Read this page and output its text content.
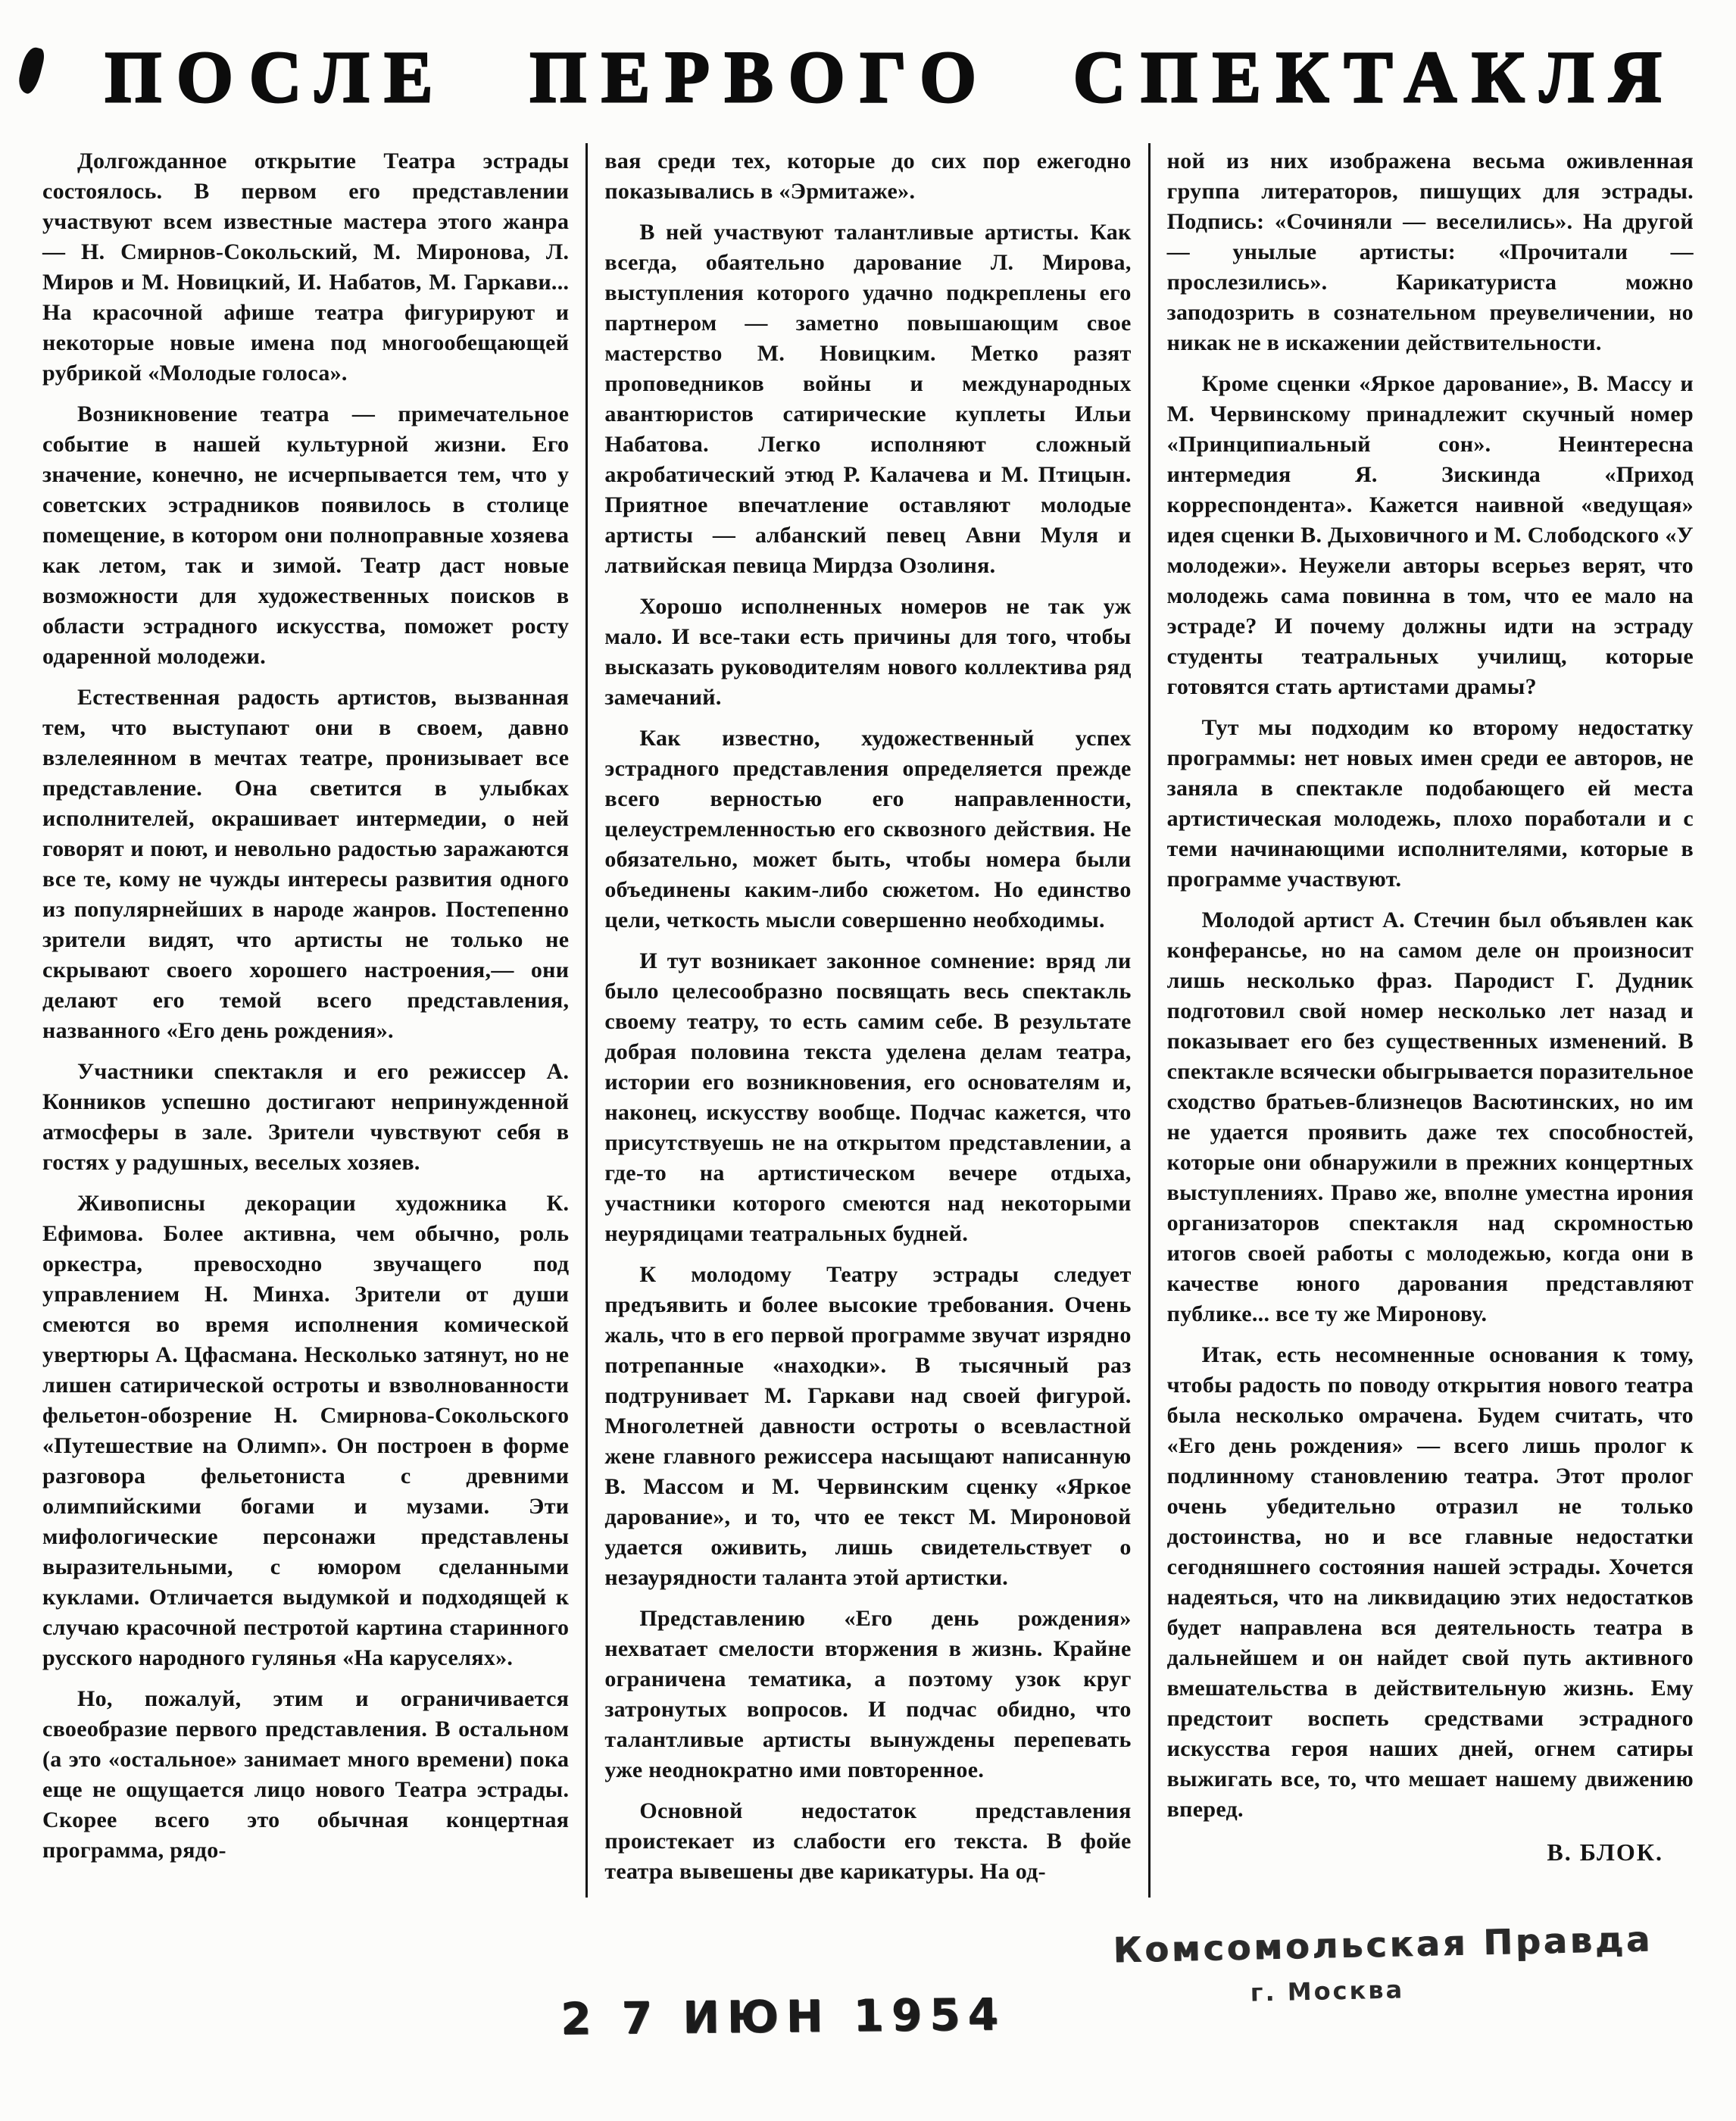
ПОСЛЕ ПЕРВОГО СПЕКТАКЛЯ

Долгожданное открытие Театра эстрады состоялось. В первом его представлении участвуют всем известные мастера этого жанра — Н. Смирнов-Сокольский, М. Миронова, Л. Миров и М. Новицкий, И. Набатов, М. Гаркави... На красочной афише театра фигурируют и некоторые новые имена под многообещающей рубрикой «Молодые голоса».

Возникновение театра — примечательное событие в нашей культурной жизни. Его значение, конечно, не исчерпывается тем, что у советских эстрадников появилось в столице помещение, в котором они полноправные хозяева как летом, так и зимой. Театр даст новые возможности для художественных поисков в области эстрадного искусства, поможет росту одаренной молодежи.

Естественная радость артистов, вызванная тем, что выступают они в своем, давно взлелеянном в мечтах театре, пронизывает все представление. Она светится в улыбках исполнителей, окрашивает интермедии, о ней говорят и поют, и невольно радостью заражаются все те, кому не чужды интересы развития одного из популярнейших в народе жанров. Постепенно зрители видят, что артисты не только не скрывают своего хорошего настроения,— они делают его темой всего представления, названного «Его день рождения».

Участники спектакля и его режиссер А. Конников успешно достигают непринужденной атмосферы в зале. Зрители чувствуют себя в гостях у радушных, веселых хозяев.

Живописны декорации художника К. Ефимова. Более активна, чем обычно, роль оркестра, превосходно звучащего под управлением Н. Минха. Зрители от души смеются во время исполнения комической увертюры А. Цфасмана. Несколько затянут, но не лишен сатирической остроты и взволнованности фельетон-обозрение Н. Смирнова-Сокольского «Путешествие на Олимп». Он построен в форме разговора фельетониста с древними олимпийскими богами и музами. Эти мифологические персонажи представлены выразительными, с юмором сделанными куклами. Отличается выдумкой и подходящей к случаю красочной пестротой картина старинного русского народного гулянья «На каруселях».

Но, пожалуй, этим и ограничивается своеобразие первого представления. В остальном (а это «остальное» занимает много времени) пока еще не ощущается лицо нового Театра эстрады. Скорее всего это обычная концертная программа, рядо-

вая среди тех, которые до сих пор ежегодно показывались в «Эрмитаже».

В ней участвуют талантливые артисты. Как всегда, обаятельно дарование Л. Мирова, выступления которого удачно подкреплены его партнером — заметно повышающим свое мастерство М. Новицким. Метко разят проповедников войны и международных авантюристов сатирические куплеты Ильи Набатова. Легко исполняют сложный акробатический этюд Р. Калачева и М. Птицын. Приятное впечатление оставляют молодые артисты — албанский певец Авни Муля и латвийская певица Мирдза Озолиня.

Хорошо исполненных номеров не так уж мало. И все-таки есть причины для того, чтобы высказать руководителям нового коллектива ряд замечаний.

Как известно, художественный успех эстрадного представления определяется прежде всего верностью его направленности, целеустремленностью его сквозного действия. Не обязательно, может быть, чтобы номера были объединены каким-либо сюжетом. Но единство цели, четкость мысли совершенно необходимы.

И тут возникает законное сомнение: вряд ли было целесообразно посвящать весь спектакль своему театру, то есть самим себе. В результате добрая половина текста уделена делам театра, истории его возникновения, его основателям и, наконец, искусству вообще. Подчас кажется, что присутствуешь не на открытом представлении, а где-то на артистическом вечере отдыха, участники которого смеются над некоторыми неурядицами театральных будней.

К молодому Театру эстрады следует предъявить и более высокие требования. Очень жаль, что в его первой программе звучат изрядно потрепанные «находки». В тысячный раз подтрунивает М. Гаркави над своей фигурой. Многолетней давности остроты о всевластной жене главного режиссера насыщают написанную В. Массом и М. Червинским сценку «Яркое дарование», и то, что ее текст М. Мироновой удается оживить, лишь свидетельствует о незаурядности таланта этой артистки.

Представлению «Его день рождения» нехватает смелости вторжения в жизнь. Крайне ограничена тематика, а поэтому узок круг затронутых вопросов. И подчас обидно, что талантливые артисты вынуждены перепевать уже неоднократно ими повторенное.

Основной недостаток представления проистекает из слабости его текста. В фойе театра вывешены две карикатуры. На од-

ной из них изображена весьма оживленная группа литераторов, пишущих для эстрады. Подпись: «Сочиняли — веселились». На другой — унылые артисты: «Прочитали — прослезились». Карикатуриста можно заподозрить в сознательном преувеличении, но никак не в искажении действительности.

Кроме сценки «Яркое дарование», В. Массу и М. Червинскому принадлежит скучный номер «Принципиальный сон». Неинтересна интермедия Я. Зискинда «Приход корреспондента». Кажется наивной «ведущая» идея сценки В. Дыховичного и М. Слободского «У молодежи». Неужели авторы всерьез верят, что молодежь сама повинна в том, что ее мало на эстраде? И почему должны идти на эстраду студенты театральных училищ, которые готовятся стать артистами драмы?

Тут мы подходим ко второму недостатку программы: нет новых имен среди ее авторов, не заняла в спектакле подобающего ей места артистическая молодежь, плохо поработали и с теми начинающими исполнителями, которые в программе участвуют.

Молодой артист А. Стечин был объявлен как конферансье, но на самом деле он произносит лишь несколько фраз. Пародист Г. Дудник подготовил свой номер несколько лет назад и показывает его без существенных изменений. В спектакле всячески обыгрывается поразительное сходство братьев-близнецов Васютинских, но им не удается проявить даже тех способностей, которые они обнаружили в прежних концертных выступлениях. Право же, вполне уместна ирония организаторов спектакля над скромностью итогов своей работы с молодежью, когда они в качестве юного дарования представляют публике... все ту же Миронову.

Итак, есть несомненные основания к тому, чтобы радость по поводу открытия нового театра была несколько омрачена. Будем считать, что «Его день рождения» — всего лишь пролог к подлинному становлению театра. Этот пролог очень убедительно отразил не только достоинства, но и все главные недостатки сегодняшнего состояния нашей эстрады. Хочется надеяться, что на ликвидацию этих недостатков будет направлена вся деятельность театра в дальнейшем и он найдет свой путь активного вмешательства в действительную жизнь. Ему предстоит воспеть средствами эстрадного искусства героя наших дней, огнем сатиры выжигать все, то, что мешает нашему движению вперед.

В. БЛОК.
2 7 ИЮН 1954
Комсомольская Правда
г. Москва
